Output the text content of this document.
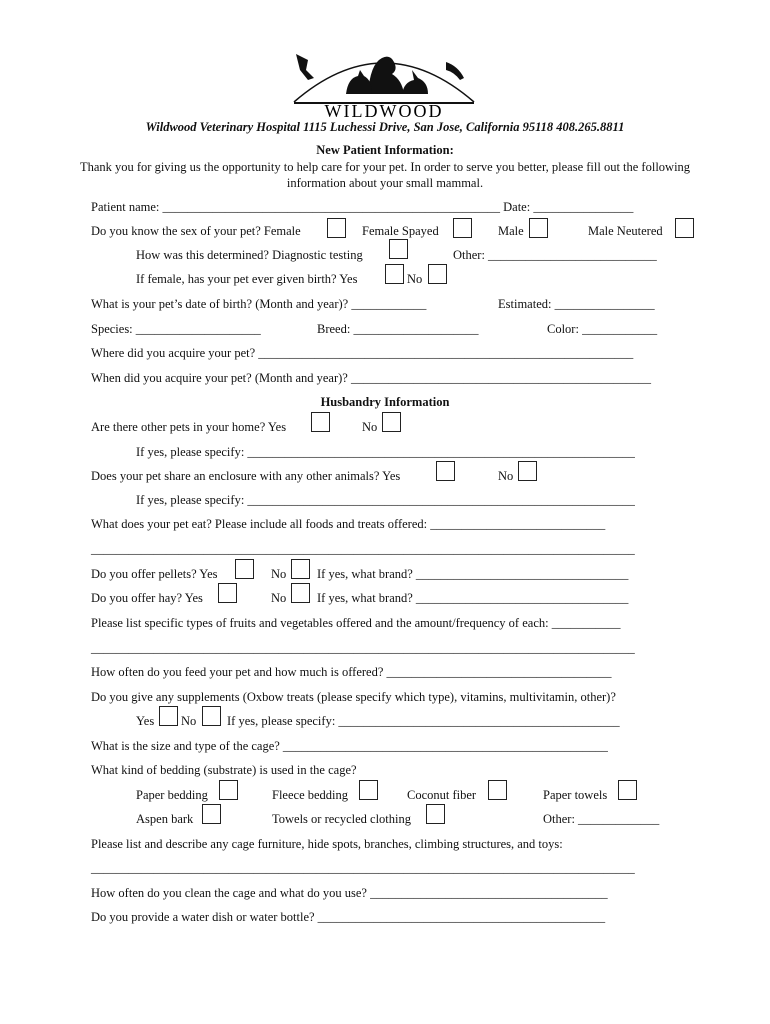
WILDWOOD
Wildwood Veterinary Hospital 1115 Luchessi Drive, San Jose, California 95118 408.265.8811
New Patient Information:
Thank you for giving us the opportunity to help care for your pet. In order to serve you better, please fill out the following information about your small mammal.
Patient name: ______________________________________________________ Date: ________________
Do you know the sex of your pet? Female	Female Spayed	Male	Male Neutered
How was this determined? Diagnostic testing	Other: ___________________________
If female, has your pet ever given birth? Yes	No
What is your pet’s date of birth? (Month and year)? ____________	Estimated: ________________
Species: ____________________	Breed: ____________________	Color: ____________
Where did you acquire your pet? ____________________________________________________________
When did you acquire your pet? (Month and year)? ________________________________________________
Husbandry Information
Are there other pets in your home? Yes	No
If yes, please specify: ______________________________________________________________
Does your pet share an enclosure with any other animals? Yes	No
If yes, please specify: ______________________________________________________________
What does your pet eat? Please include all foods and treats offered: ____________________________
_______________________________________________________________________________________
Do you offer pellets? Yes	No If yes, what brand? __________________________________
Do you offer hay? Yes	No If yes, what brand? __________________________________
Please list specific types of fruits and vegetables offered and the amount/frequency of each: ___________
_______________________________________________________________________________________
How often do you feed your pet and how much is offered? ____________________________________
Do you give any supplements (Oxbow treats (please specify which type), vitamins, multivitamin, other)?
Yes No If yes, please specify: _____________________________________________
What is the size and type of the cage? ____________________________________________________
What kind of bedding (substrate) is used in the cage?
Paper bedding	Fleece bedding	Coconut fiber	Paper towels
Aspen bark	Towels or recycled clothing	Other: _____________
Please list and describe any cage furniture, hide spots, branches, climbing structures, and toys:
_______________________________________________________________________________________
How often do you clean the cage and what do you use? ______________________________________
Do you provide a water dish or water bottle? ______________________________________________
